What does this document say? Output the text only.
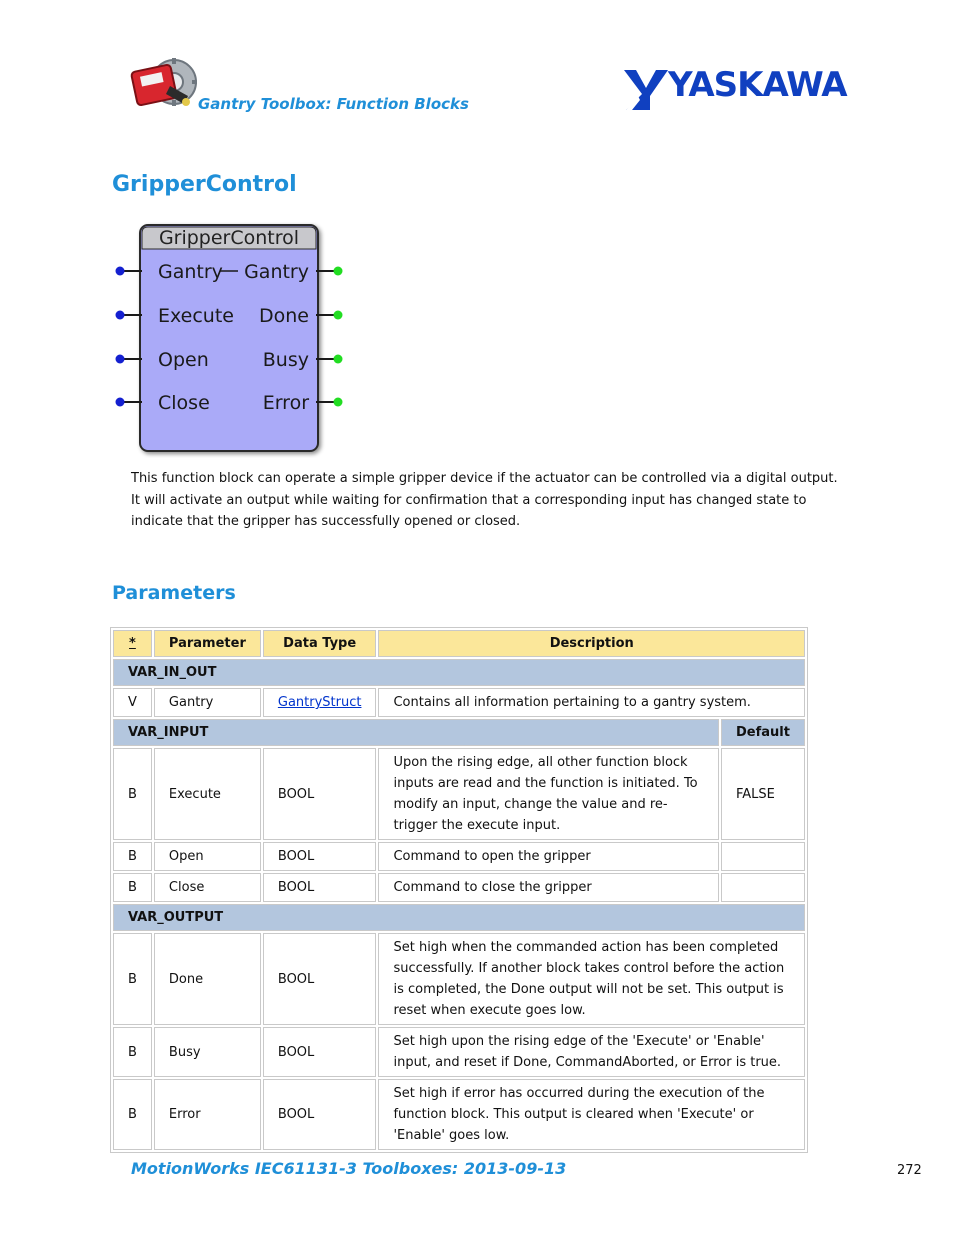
Gantry Toolbox: Function Blocks	YASKAWA
GripperControl
GripperControl
Gantry
Execute
Open
Close
Gantry
Done
Busy
Error
This function block can operate a simple gripper device if the actuator can be controlled via a digital output. It will activate an output while waiting for confirmation that a corresponding input has changed state to indicate that the gripper has successfully opened or closed.
Parameters
*	Parameter	Data Type	Description	
VAR_IN_OUT				
V	Gantry	GantryStruct	Contains all information pertaining to a gantry system.	
VAR_INPUT				Default
B	Execute	BOOL	Upon the rising edge, all other function block inputs are read and the function is initiated. To modify an input, change the value and re-trigger the execute input.	FALSE
B	Open	BOOL	Command to open the gripper	
B	Close	BOOL	Command to close the gripper	
VAR_OUTPUT				
B	Done	BOOL	Set high when the commanded action has been completed successfully. If another block takes control before the action is completed, the Done output will not be set. This output is reset when execute goes low.	
B	Busy	BOOL	Set high upon the rising edge of the 'Execute' or 'Enable' input, and reset if Done, CommandAborted, or Error is true.	
B	Error	BOOL	Set high if error has occurred during the execution of the function block. This output is cleared when 'Execute' or 'Enable' goes low.	
MotionWorks IEC61131-3 Toolboxes: 2013-09-13	272
